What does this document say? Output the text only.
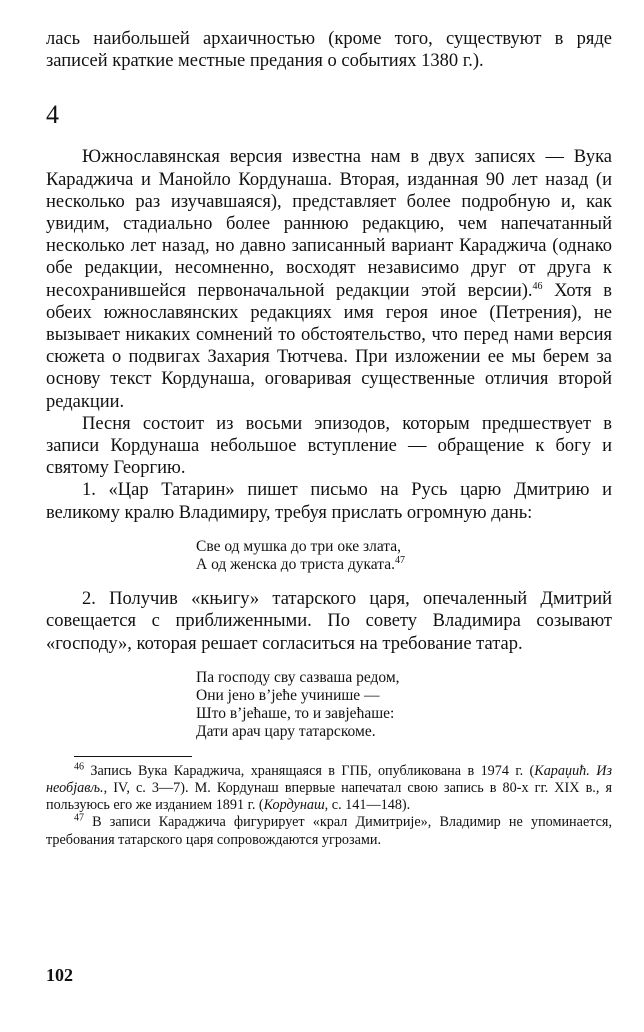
лась наибольшей архаичностью (кроме того, существуют в ряде записей краткие местные предания о событиях 1380 г.).

4

Южнославянская версия известна нам в двух записях — Вука Караджича и Манойло Кордунаша. Вторая, изданная 90 лет назад (и несколько раз изучавшаяся), представляет более подробную и, как увидим, стадиально более раннюю редакцию, чем напечатанный несколько лет назад, но давно записанный вариант Караджича (однако обе редакции, несомненно, восходят независимо друг от друга к несохранившейся первоначальной редакции этой версии).$^{46}$ Хотя в обеих южнославянских редакциях имя героя иное (Петрения), не вызывает никаких сомнений то обстоятельство, что перед нами версия сюжета о подвигах Захария Тютчева. При изложении ее мы берем за основу текст Кордунаша, оговаривая существенные отличия второй редакции.

Песня состоит из восьми эпизодов, которым предшествует в записи Кордунаша небольшое вступление — обращение к богу и святому Георгию.

1. «Цар Татарин» пишет письмо на Русь царю Дмитрию и великому кралю Владимиру, требуя прислать огромную дань:

Све од мушка до три оке злата,
А од женска до триста дуката.$^{47}$

2. Получив «књигу» татарского царя, опечаленный Дмитрий совещается с приближенными. По совету Владимира созывают «господу», которая решает согласиться на требование татар.

Па господу сву сазваша редом,
Они јено в’јеће учинише —
Што в’јећаше, то и завјећаше:
Дати арач цару татарскоме.

$^{46}$ Запись Вука Караджича, хранящаяся в ГПБ, опубликована в 1974 г. (Караџић. Из необјављ., IV, с. 3—7). М. Кордунаш впервые напечатал свою запись в 80-х гг. XIX в., я пользуюсь его же изданием 1891 г. (Кордунаш, с. 141—148).

$^{47}$ В записи Караджича фигурирует «крал Димитрије», Владимир не упоминается, требования татарского царя сопровождаются угрозами.

102
